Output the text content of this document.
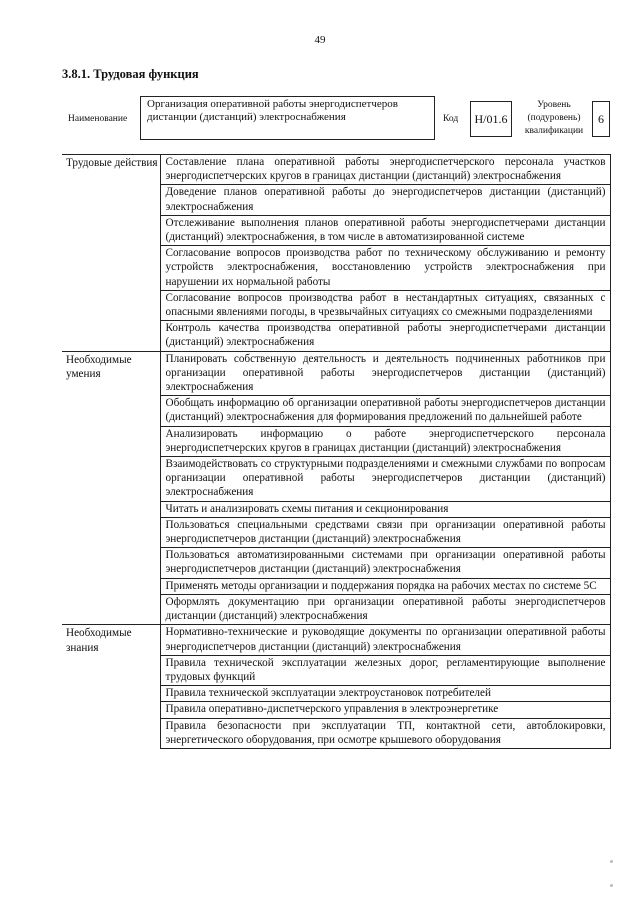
49
3.8.1. Трудовая функция
Наименование
Организация оперативной работы энергодиспетчеров дистанции (дистанций) электроснабжения	Код	H/01.6
Уровень
(подуровень)
квалификации
6
Трудовые действия	Составление плана оперативной работы энергодиспетчерского персонала участков энергодиспетчерских кругов в границах дистанции (дистанций) электроснабжения
	Доведение планов оперативной работы до энергодиспетчеров дистанции (дистанций) электроснабжения
	Отслеживание выполнения планов оперативной работы энергодиспетчерами дистанции (дистанций) электроснабжения, в том числе в автоматизированной системе
	Согласование вопросов производства работ по техническому обслуживанию и ремонту устройств электроснабжения, восстановлению устройств электроснабжения при нарушении их нормальной работы
	Согласование вопросов производства работ в нестандартных ситуациях, связанных с опасными явлениями погоды, в чрезвычайных ситуациях со смежными подразделениями
	Контроль качества производства оперативной работы энергодиспетчерами дистанции (дистанций) электроснабжения
Необходимые умения	Планировать собственную деятельность и деятельность подчиненных работников при организации оперативной работы энергодиспетчеров дистанции (дистанций) электроснабжения
	Обобщать информацию об организации оперативной работы энергодиспетчеров дистанции (дистанций) электроснабжения для формирования предложений по дальнейшей работе
	Анализировать информацию о работе энергодиспетчерского персонала энергодиспетчерских кругов в границах дистанции (дистанций) электроснабжения
	Взаимодействовать со структурными подразделениями и смежными службами по вопросам организации оперативной работы энергодиспетчеров дистанции (дистанций) электроснабжения
	Читать и анализировать схемы питания и секционирования
	Пользоваться специальными средствами связи при организации оперативной работы энергодиспетчеров дистанции (дистанций) электроснабжения
	Пользоваться автоматизированными системами при организации оперативной работы энергодиспетчеров дистанции (дистанций) электроснабжения
	Применять методы организации и поддержания порядка на рабочих местах по системе 5С
	Оформлять документацию при организации оперативной работы энергодиспетчеров дистанции (дистанций) электроснабжения
Необходимые знания	Нормативно-технические и руководящие документы по организации оперативной работы энергодиспетчеров дистанции (дистанций) электроснабжения
	Правила технической эксплуатации железных дорог, регламентирующие выполнение трудовых функций
	Правила технической эксплуатации электроустановок потребителей
	Правила оперативно-диспетчерского управления в электроэнергетике
	Правила безопасности при эксплуатации ТП, контактной сети, автоблокировки, энергетического оборудования, при осмотре крышевого оборудования
